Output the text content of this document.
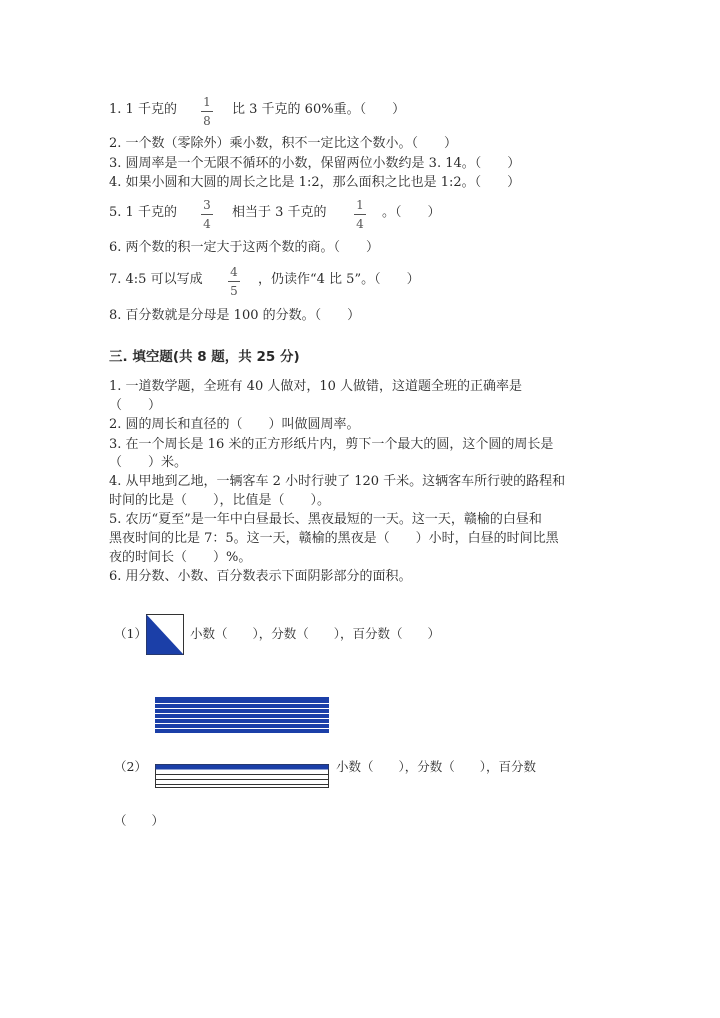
1. 1 千克的	1
8
比 3 千克的 60%重。（　　）
2. 一个数（零除外）乘小数，积不一定比这个数小。（　　）
3. 圆周率是一个无限不循环的小数，保留两位小数约是 3. 14。（　　）
4. 如果小圆和大圆的周长之比是 1:2，那么面积之比也是 1:2。（　　）
5. 1 千克的	3
4
相当于 3 千克的	1
4
。（　　）
6. 两个数的积一定大于这两个数的商。（　　）
7. 4:5 可以写成	4
5
，仍读作“4 比 5”。（　　）
8. 百分数就是分母是 100 的分数。（　　）
三. 填空题(共 8 题，共 25 分)
1. 一道数学题，全班有 40 人做对，10 人做错，这道题全班的正确率是
（　　）
2. 圆的周长和直径的（　　）叫做圆周率。
3. 在一个周长是 16 米的正方形纸片内，剪下一个最大的圆，这个圆的周长是
（　　）米。
4. 从甲地到乙地，一辆客车 2 小时行驶了 120 千米。这辆客车所行驶的路程和
时间的比是（　　），比值是（　　）。
5. 农历“夏至”是一年中白昼最长、黑夜最短的一天。这一天，赣榆的白昼和
黑夜时间的比是 7：5。这一天，赣榆的黑夜是（　　）小时，白昼的时间比黑
夜的时间长（　　）%。
6. 用分数、小数、百分数表示下面阴影部分的面积。
（1）	小数（　　），分数（　　），百分数（　　）
（2）	小数（　　），分数（　　），百分数
（　　）
